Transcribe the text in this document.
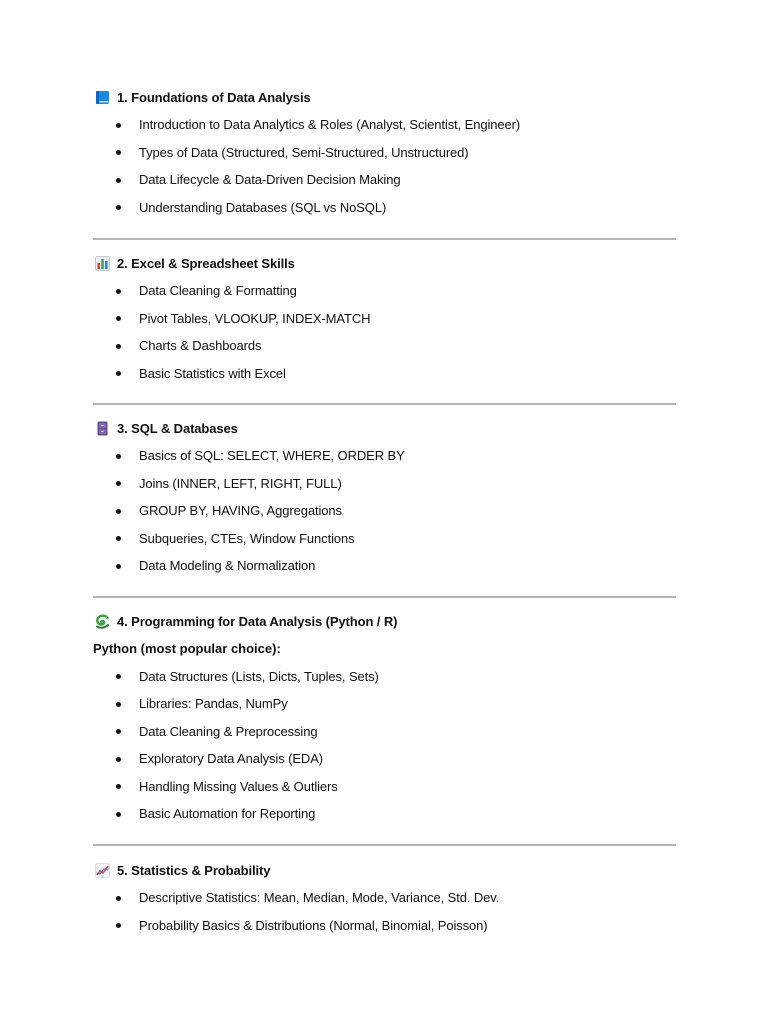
1. Foundations of Data Analysis
Introduction to Data Analytics & Roles (Analyst, Scientist, Engineer)
Types of Data (Structured, Semi-Structured, Unstructured)
Data Lifecycle & Data-Driven Decision Making
Understanding Databases (SQL vs NoSQL)
2. Excel & Spreadsheet Skills
Data Cleaning & Formatting
Pivot Tables, VLOOKUP, INDEX-MATCH
Charts & Dashboards
Basic Statistics with Excel
3. SQL & Databases
Basics of SQL: SELECT, WHERE, ORDER BY
Joins (INNER, LEFT, RIGHT, FULL)
GROUP BY, HAVING, Aggregations
Subqueries, CTEs, Window Functions
Data Modeling & Normalization
4. Programming for Data Analysis (Python / R)
Python (most popular choice):
Data Structures (Lists, Dicts, Tuples, Sets)
Libraries: Pandas, NumPy
Data Cleaning & Preprocessing
Exploratory Data Analysis (EDA)
Handling Missing Values & Outliers
Basic Automation for Reporting
5. Statistics & Probability
Descriptive Statistics: Mean, Median, Mode, Variance, Std. Dev.
Probability Basics & Distributions (Normal, Binomial, Poisson)
